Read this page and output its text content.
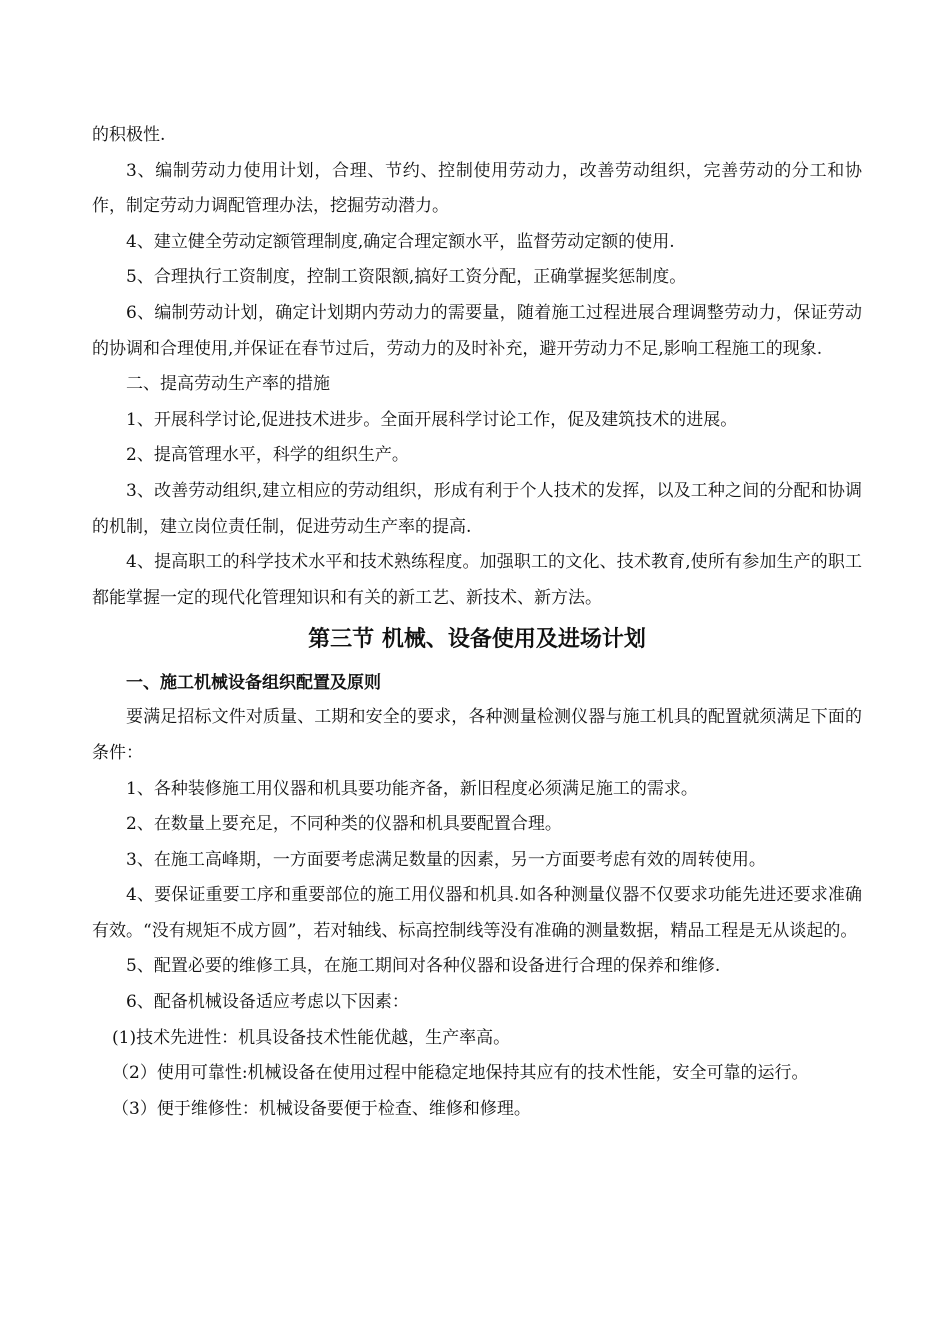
的积极性.

3、编制劳动力使用计划，合理、节约、控制使用劳动力，改善劳动组织，完善劳动的分工和协作，制定劳动力调配管理办法，挖掘劳动潜力。

4、建立健全劳动定额管理制度,确定合理定额水平，监督劳动定额的使用.

5、合理执行工资制度，控制工资限额,搞好工资分配，正确掌握奖惩制度。

6、编制劳动计划，确定计划期内劳动力的需要量，随着施工过程进展合理调整劳动力，保证劳动的协调和合理使用,并保证在春节过后，劳动力的及时补充，避开劳动力不足,影响工程施工的现象.

二、提高劳动生产率的措施

1、开展科学讨论,促进技术进步。全面开展科学讨论工作，促及建筑技术的进展。

2、提高管理水平，科学的组织生产。

3、改善劳动组织,建立相应的劳动组织，形成有利于个人技术的发挥，以及工种之间的分配和协调的机制，建立岗位责任制，促进劳动生产率的提高.

4、提高职工的科学技术水平和技术熟练程度。加强职工的文化、技术教育,使所有参加生产的职工都能掌握一定的现代化管理知识和有关的新工艺、新技术、新方法。

第三节 机械、设备使用及进场计划

一、施工机械设备组织配置及原则

要满足招标文件对质量、工期和安全的要求，各种测量检测仪器与施工机具的配置就须满足下面的条件：

1、各种装修施工用仪器和机具要功能齐备，新旧程度必须满足施工的需求。

2、在数量上要充足，不同种类的仪器和机具要配置合理。

3、在施工高峰期，一方面要考虑满足数量的因素，另一方面要考虑有效的周转使用。

4、要保证重要工序和重要部位的施工用仪器和机具.如各种测量仪器不仅要求功能先进还要求准确有效。“没有规矩不成方圆”，若对轴线、标高控制线等没有准确的测量数据，精品工程是无从谈起的。

5、配置必要的维修工具，在施工期间对各种仪器和设备进行合理的保养和维修.

6、配备机械设备适应考虑以下因素：

(1)技术先进性：机具设备技术性能优越，生产率高。

（2）使用可靠性:机械设备在使用过程中能稳定地保持其应有的技术性能，安全可靠的运行。

（3）便于维修性：机械设备要便于检查、维修和修理。
